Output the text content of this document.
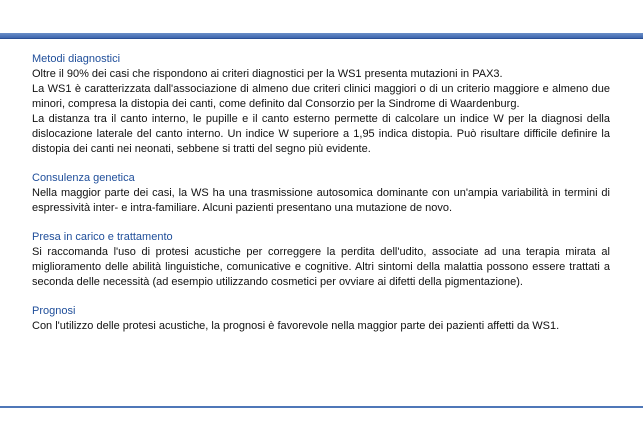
Metodi diagnostici

Oltre il 90% dei casi che rispondono ai criteri diagnostici per la WS1 presenta mutazioni in PAX3.

La WS1 è caratterizzata dall'associazione di almeno due criteri clinici maggiori o di un criterio maggiore e almeno due minori, compresa la distopia dei canti, come definito dal Consorzio per la Sindrome di Waardenburg.

La distanza tra il canto interno, le pupille e il canto esterno permette di calcolare un indice W per la diagnosi della dislocazione laterale del canto interno. Un indice W superiore a 1,95 indica distopia. Può risultare difficile definire la distopia dei canti nei neonati, sebbene si tratti del segno più evidente.

Consulenza genetica

Nella maggior parte dei casi, la WS ha una trasmissione autosomica dominante con un'ampia variabilità in termini di espressività inter- e intra-familiare. Alcuni pazienti presentano una mutazione de novo.

Presa in carico e trattamento

Si raccomanda l'uso di protesi acustiche per correggere la perdita dell'udito, associate ad una terapia mirata al miglioramento delle abilità linguistiche, comunicative e cognitive. Altri sintomi della malattia possono essere trattati a seconda delle necessità (ad esempio utilizzando cosmetici per ovviare ai difetti della pigmentazione).

Prognosi

Con l'utilizzo delle protesi acustiche, la prognosi è favorevole nella maggior parte dei pazienti affetti da WS1.
